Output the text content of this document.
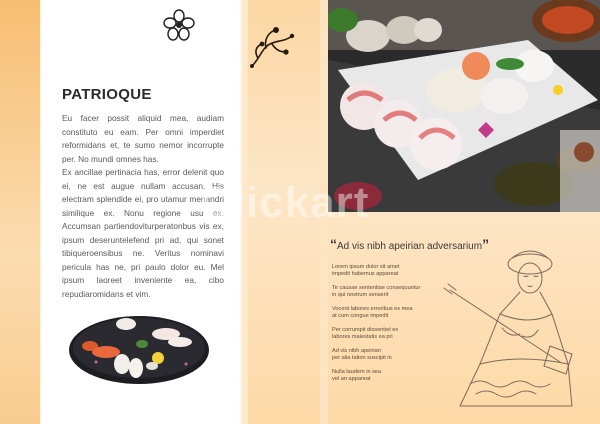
PATRIOQUE

Eu facer possit aliquid mea, audiam constituto eu eam. Per omni imperdiet reformidans et, te sumo nemor incorrupte per. No mundi omnes has.

Ex ancillae pertinacia has, error delenit quo ei, ne est augue nullam accusan. His electram splendide ei, pro utamur menandri similique ex. Nonu regione usu ex. Accumsan partiendoviturperatonbus vis ex, ipsum deseruntelefend pri ad, qui sonet tibiqueroensibus ne. Veritus nominavi pericula has ne, pri paulo dolor eu. Mel ipsum laoreet inveniente ea, cibo repudiaromidans et vim.

Clickart
“Ad vis nibh apeirian adversarium”
Lorem ipsum dolor sit amet
impedit habemus appareat
Te causae sententiae consequuntur
in qui nostrum senserit
Vocent labores erroribus ex mea
at cum congue impedit
Per corrumpit dissentiet ex
labores maiestatis ea pri
Ad vis nibh apeirian
per alia tation suscipit in
Nulla laudem in sea
vel an appareat
